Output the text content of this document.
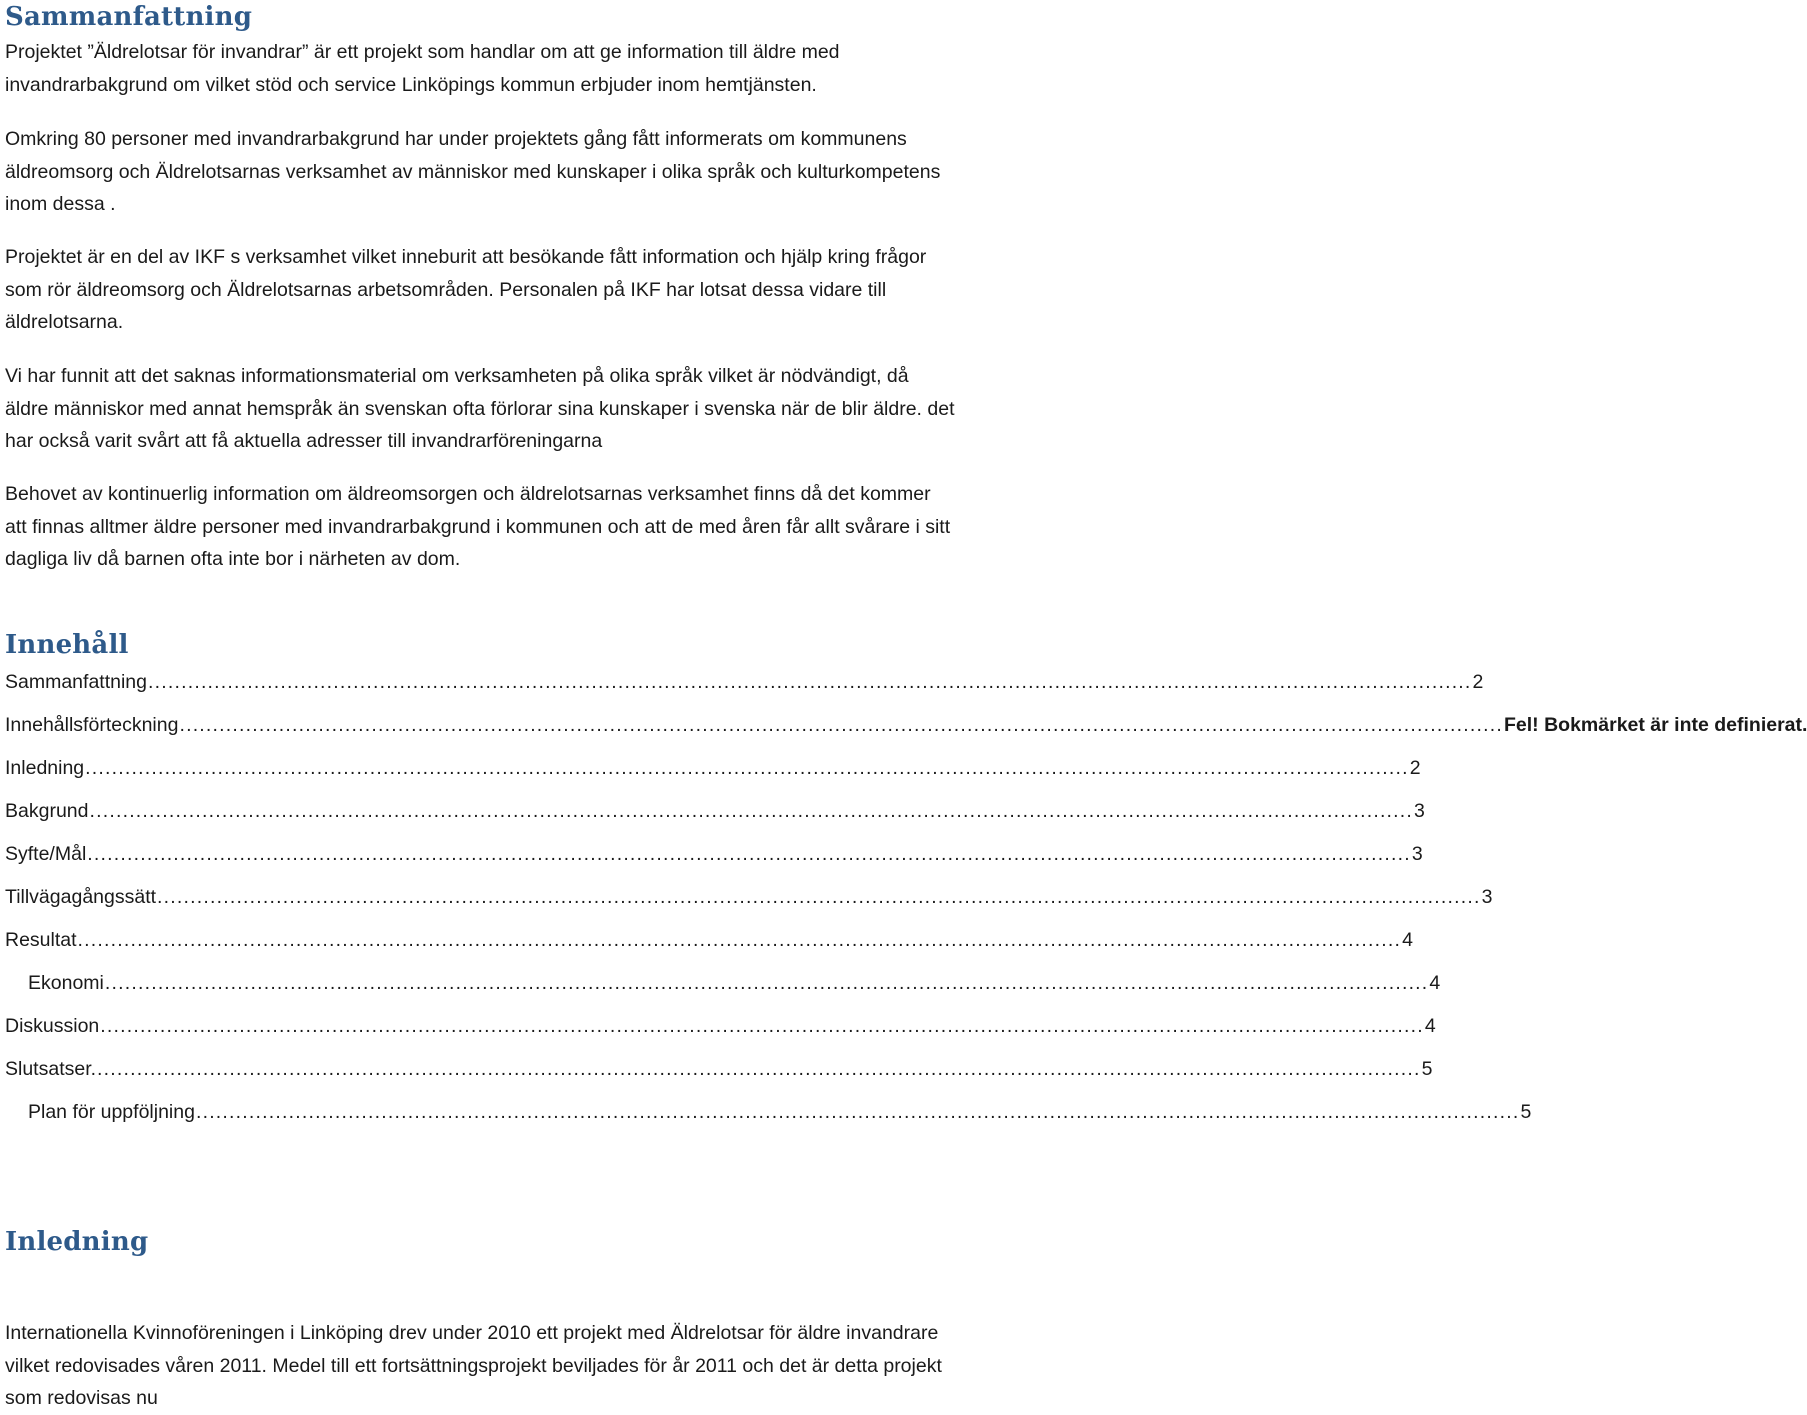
Sammanfattning

Projektet ”Äldrelotsar för invandrar” är ett projekt som handlar om att ge information till äldre med invandrarbakgrund om vilket stöd och service Linköpings kommun erbjuder inom hemtjänsten.

Omkring 80 personer med invandrarbakgrund har under projektets gång fått informerats om kommunens äldreomsorg och Äldrelotsarnas verksamhet av människor med kunskaper i olika språk och kulturkompetens inom dessa .

Projektet är en del av IKF s verksamhet vilket inneburit att besökande fått information och hjälp kring frågor som rör äldreomsorg och Äldrelotsarnas arbetsområden. Personalen på IKF har lotsat dessa vidare till äldrelotsarna.

Vi har funnit att det saknas informationsmaterial om verksamheten på olika språk vilket är nödvändigt, då äldre människor med annat hemspråk än svenskan ofta förlorar sina kunskaper i svenska när de blir äldre. det har också varit svårt att få aktuella adresser till invandrarföreningarna

Behovet av kontinuerlig information om äldreomsorgen och äldrelotsarnas verksamhet finns då det kommer att finnas alltmer äldre personer med invandrarbakgrund i kommunen och att de med åren får allt svårare i sitt dagliga liv då barnen ofta inte bor i närheten av dom.

Innehåll
Sammanfattning ........................................................................................................................................................................................................ 2
Innehållsförteckning ........................................................................................................................................................................................................ Fel! Bokmärket är inte definierat.
Inledning ........................................................................................................................................................................................................ 2
Bakgrund ........................................................................................................................................................................................................ 3
Syfte/Mål ........................................................................................................................................................................................................ 3
Tillvägagångssätt ........................................................................................................................................................................................................ 3
Resultat ........................................................................................................................................................................................................ 4
Ekonomi ........................................................................................................................................................................................................ 4
Diskussion ........................................................................................................................................................................................................ 4
Slutsatser. ........................................................................................................................................................................................................ 5
Plan för uppföljning ........................................................................................................................................................................................................ 5
Inledning

Internationella Kvinnoföreningen i Linköping drev under 2010 ett projekt med Äldrelotsar för äldre invandrare vilket redovisades våren 2011. Medel till ett fortsättningsprojekt beviljades för år 2011 och det är detta projekt som redovisas nu
